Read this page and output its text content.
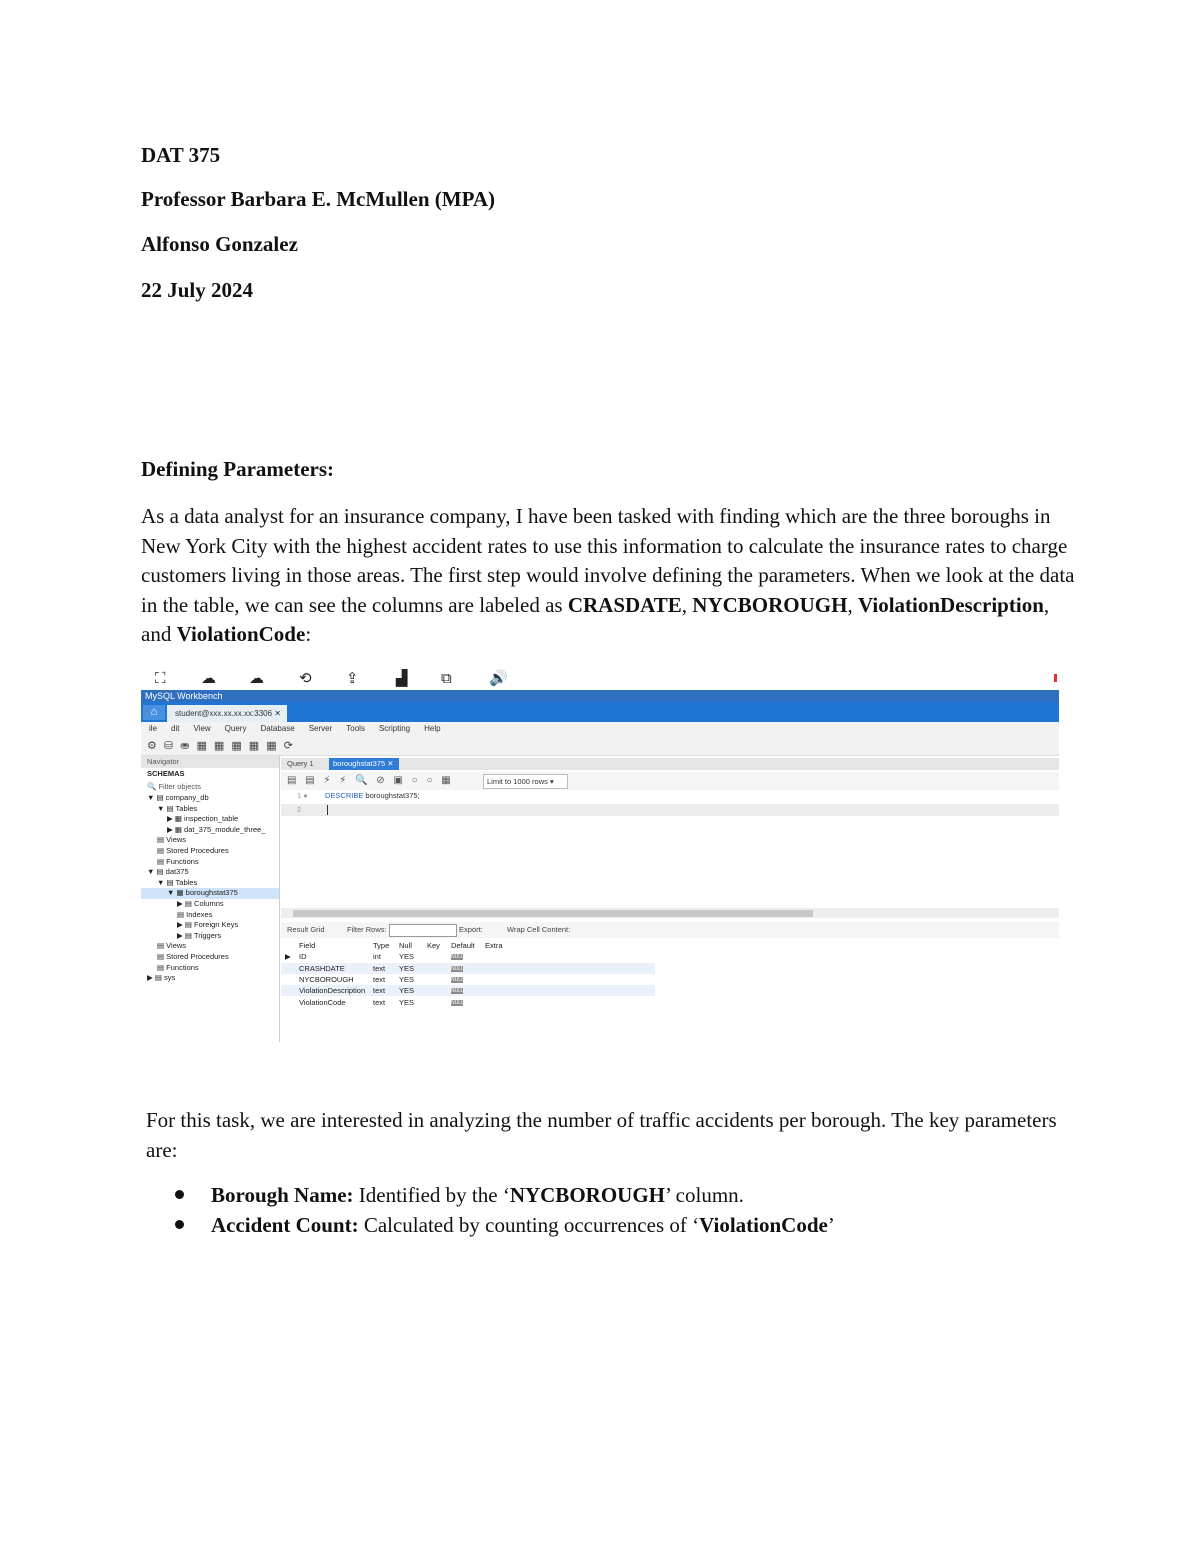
DAT 375
Professor Barbara E. McMullen (MPA)
Alfonso Gonzalez
22 July 2024
Defining Parameters:
As a data analyst for an insurance company, I have been tasked with finding which are the three boroughs in New York City with the highest accident rates to use this information to calculate the insurance rates to charge customers living in those areas. The first step would involve defining the parameters. When we look at the data in the table, we can see the columns are labeled as CRASDATE, NYCBOROUGH, ViolationDescription, and ViolationCode:
⛶ ☁ ☁ ⟲ ⇪ ▟ ⧉ 🔊
MySQL Workbench
⌂	student@xxx.xx.xx.xx:3306 ✕
ile dit View Query Database Server Tools Scripting Help
⚙ ⛁ ⛂ ▦ ▦ ▦ ▦ ▦ ⟳
Navigator
SCHEMAS
🔍 Filter objects
▼ ▤ company_db
▼ ▤ Tables
▶ ▦ inspection_table
▶ ▦ dat_375_module_three_
▤ Views
▤ Stored Procedures
▤ Functions
▼ ▤ dat375
▼ ▤ Tables
▼ ▦ boroughstat375
▶ ▤ Columns
▤ Indexes
▶ ▤ Foreign Keys
▶ ▤ Triggers
▤ Views
▤ Stored Procedures
▤ Functions
▶ ▤ sys
Query 1	boroughstat375 ✕
▤ ▤ ⚡ ⚡ 🔍 ⊘ ▣ ○ ○ ▦	Limit to 1000 rows ▾
1 ● DESCRIBE boroughstat375;
2
Result Grid	Filter Rows:	Export:	Wrap Cell Content:
Field	Type Null Key Default Extra
▶ ID	int YES	NULL
CRASHDATE	text YES	NULL
NYCBOROUGH	text YES	NULL
ViolationDescription text YES	NULL
ViolationCode	text YES	NULL
For this task, we are interested in analyzing the number of traffic accidents per borough. The key parameters are:
Borough Name: Identified by the ‘NYCBOROUGH’ column.
Accident Count: Calculated by counting occurrences of ‘ViolationCode’
